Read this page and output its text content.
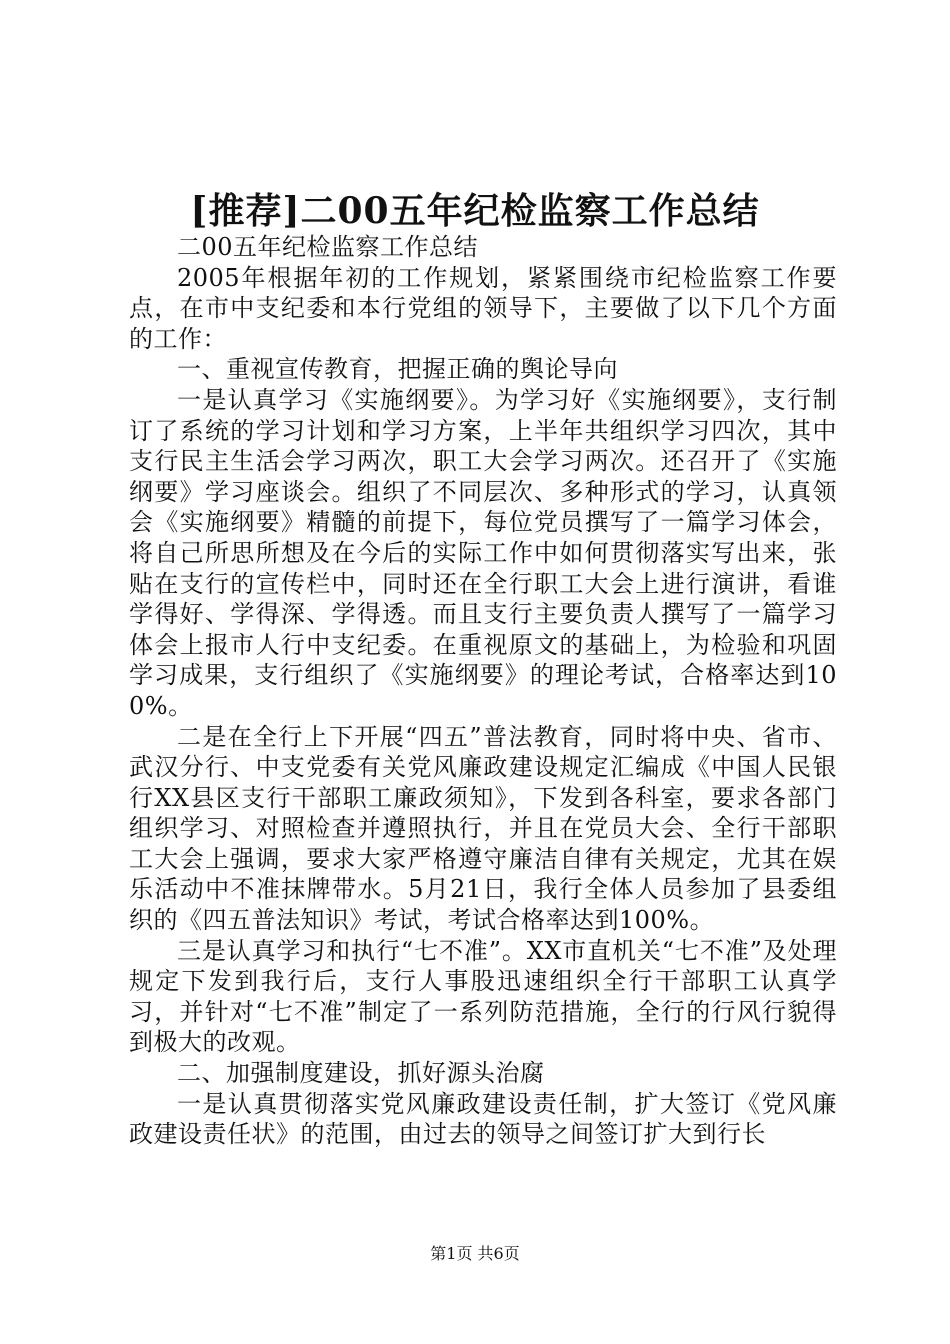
[推荐]二00五年纪检监察工作总结

二00五年纪检监察工作总结

2005年根据年初的工作规划，紧紧围绕市纪检监察工作要点，在市中支纪委和本行党组的领导下，主要做了以下几个方面的工作：

一、重视宣传教育，把握正确的舆论导向

一是认真学习《实施纲要》。为学习好《实施纲要》，支行制订了系统的学习计划和学习方案，上半年共组织学习四次，其中支行民主生活会学习两次，职工大会学习两次。还召开了《实施纲要》学习座谈会。组织了不同层次、多种形式的学习，认真领会《实施纲要》精髓的前提下，每位党员撰写了一篇学习体会，将自己所思所想及在今后的实际工作中如何贯彻落实写出来，张贴在支行的宣传栏中，同时还在全行职工大会上进行演讲，看谁学得好、学得深、学得透。而且支行主要负责人撰写了一篇学习体会上报市人行中支纪委。在重视原文的基础上，为检验和巩固学习成果，支行组织了《实施纲要》的理论考试，合格率达到100%。

二是在全行上下开展“四五”普法教育，同时将中央、省市、武汉分行、中支党委有关党风廉政建设规定汇编成《中国人民银行XX县区支行干部职工廉政须知》，下发到各科室，要求各部门组织学习、对照检查并遵照执行，并且在党员大会、全行干部职工大会上强调，要求大家严格遵守廉洁自律有关规定，尤其在娱乐活动中不准抹牌带水。5月21日，我行全体人员参加了县委组织的《四五普法知识》考试，考试合格率达到100%。

三是认真学习和执行“七不准”。XX市直机关“七不准”及处理规定下发到我行后，支行人事股迅速组织全行干部职工认真学习，并针对“七不准”制定了一系列防范措施，全行的行风行貌得到极大的改观。

二、加强制度建设，抓好源头治腐

一是认真贯彻落实党风廉政建设责任制，扩大签订《党风廉政建设责任状》的范围，由过去的领导之间签订扩大到行长

第1页 共6页
